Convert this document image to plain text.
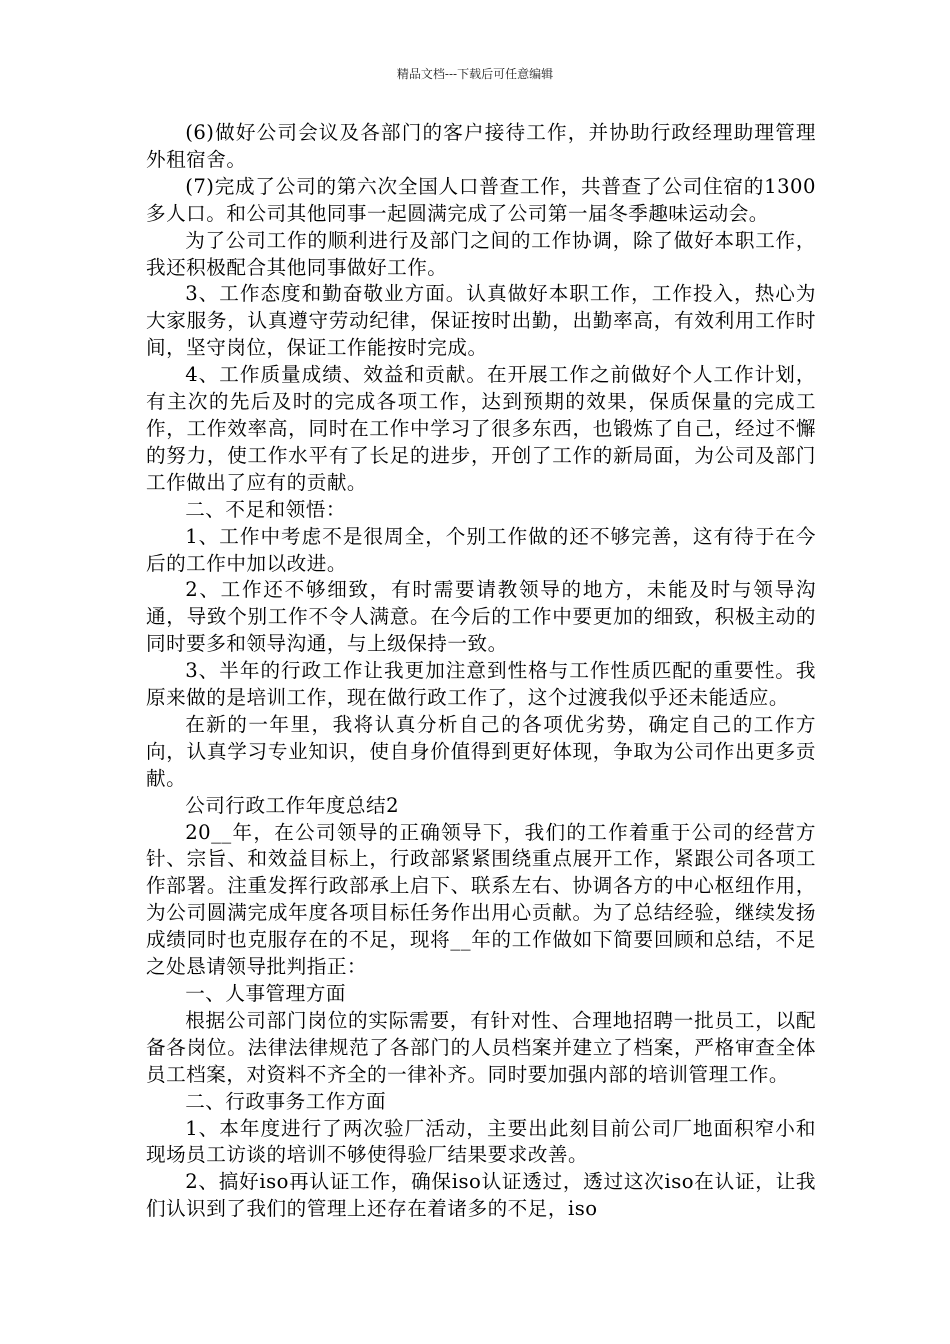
精品文档---下载后可任意编辑

(6)做好公司会议及各部门的客户接待工作，并协助行政经理助理管理外租宿舍。

(7)完成了公司的第六次全国人口普查工作，共普查了公司住宿的1300多人口。和公司其他同事一起圆满完成了公司第一届冬季趣味运动会。

为了公司工作的顺利进行及部门之间的工作协调，除了做好本职工作，我还积极配合其他同事做好工作。

3、工作态度和勤奋敬业方面。认真做好本职工作，工作投入，热心为大家服务，认真遵守劳动纪律，保证按时出勤，出勤率高，有效利用工作时间，坚守岗位，保证工作能按时完成。

4、工作质量成绩、效益和贡献。在开展工作之前做好个人工作计划，有主次的先后及时的完成各项工作，达到预期的效果，保质保量的完成工作，工作效率高，同时在工作中学习了很多东西，也锻炼了自己，经过不懈的努力，使工作水平有了长足的进步，开创了工作的新局面，为公司及部门工作做出了应有的贡献。

二、不足和领悟：

1、工作中考虑不是很周全，个别工作做的还不够完善，这有待于在今后的工作中加以改进。

2、工作还不够细致，有时需要请教领导的地方，未能及时与领导沟通，导致个别工作不令人满意。在今后的工作中要更加的细致，积极主动的同时要多和领导沟通，与上级保持一致。

3、半年的行政工作让我更加注意到性格与工作性质匹配的重要性。我原来做的是培训工作，现在做行政工作了，这个过渡我似乎还未能适应。

在新的一年里，我将认真分析自己的各项优劣势，确定自己的工作方向，认真学习专业知识，使自身价值得到更好体现，争取为公司作出更多贡献。

公司行政工作年度总结2

20__年，在公司领导的正确领导下，我们的工作着重于公司的经营方针、宗旨、和效益目标上，行政部紧紧围绕重点展开工作，紧跟公司各项工作部署。注重发挥行政部承上启下、联系左右、协调各方的中心枢纽作用，为公司圆满完成年度各项目标任务作出用心贡献。为了总结经验，继续发扬成绩同时也克服存在的不足，现将__年的工作做如下简要回顾和总结，不足之处恳请领导批判指正：

一、人事管理方面

根据公司部门岗位的实际需要，有针对性、合理地招聘一批员工，以配备各岗位。法律法律规范了各部门的人员档案并建立了档案，严格审查全体员工档案，对资料不齐全的一律补齐。同时要加强内部的培训管理工作。

二、行政事务工作方面

1、本年度进行了两次验厂活动，主要出此刻目前公司厂地面积窄小和现场员工访谈的培训不够使得验厂结果要求改善。

2、搞好iso再认证工作，确保iso认证透过，透过这次iso在认证，让我们认识到了我们的管理上还存在着诸多的不足，iso
